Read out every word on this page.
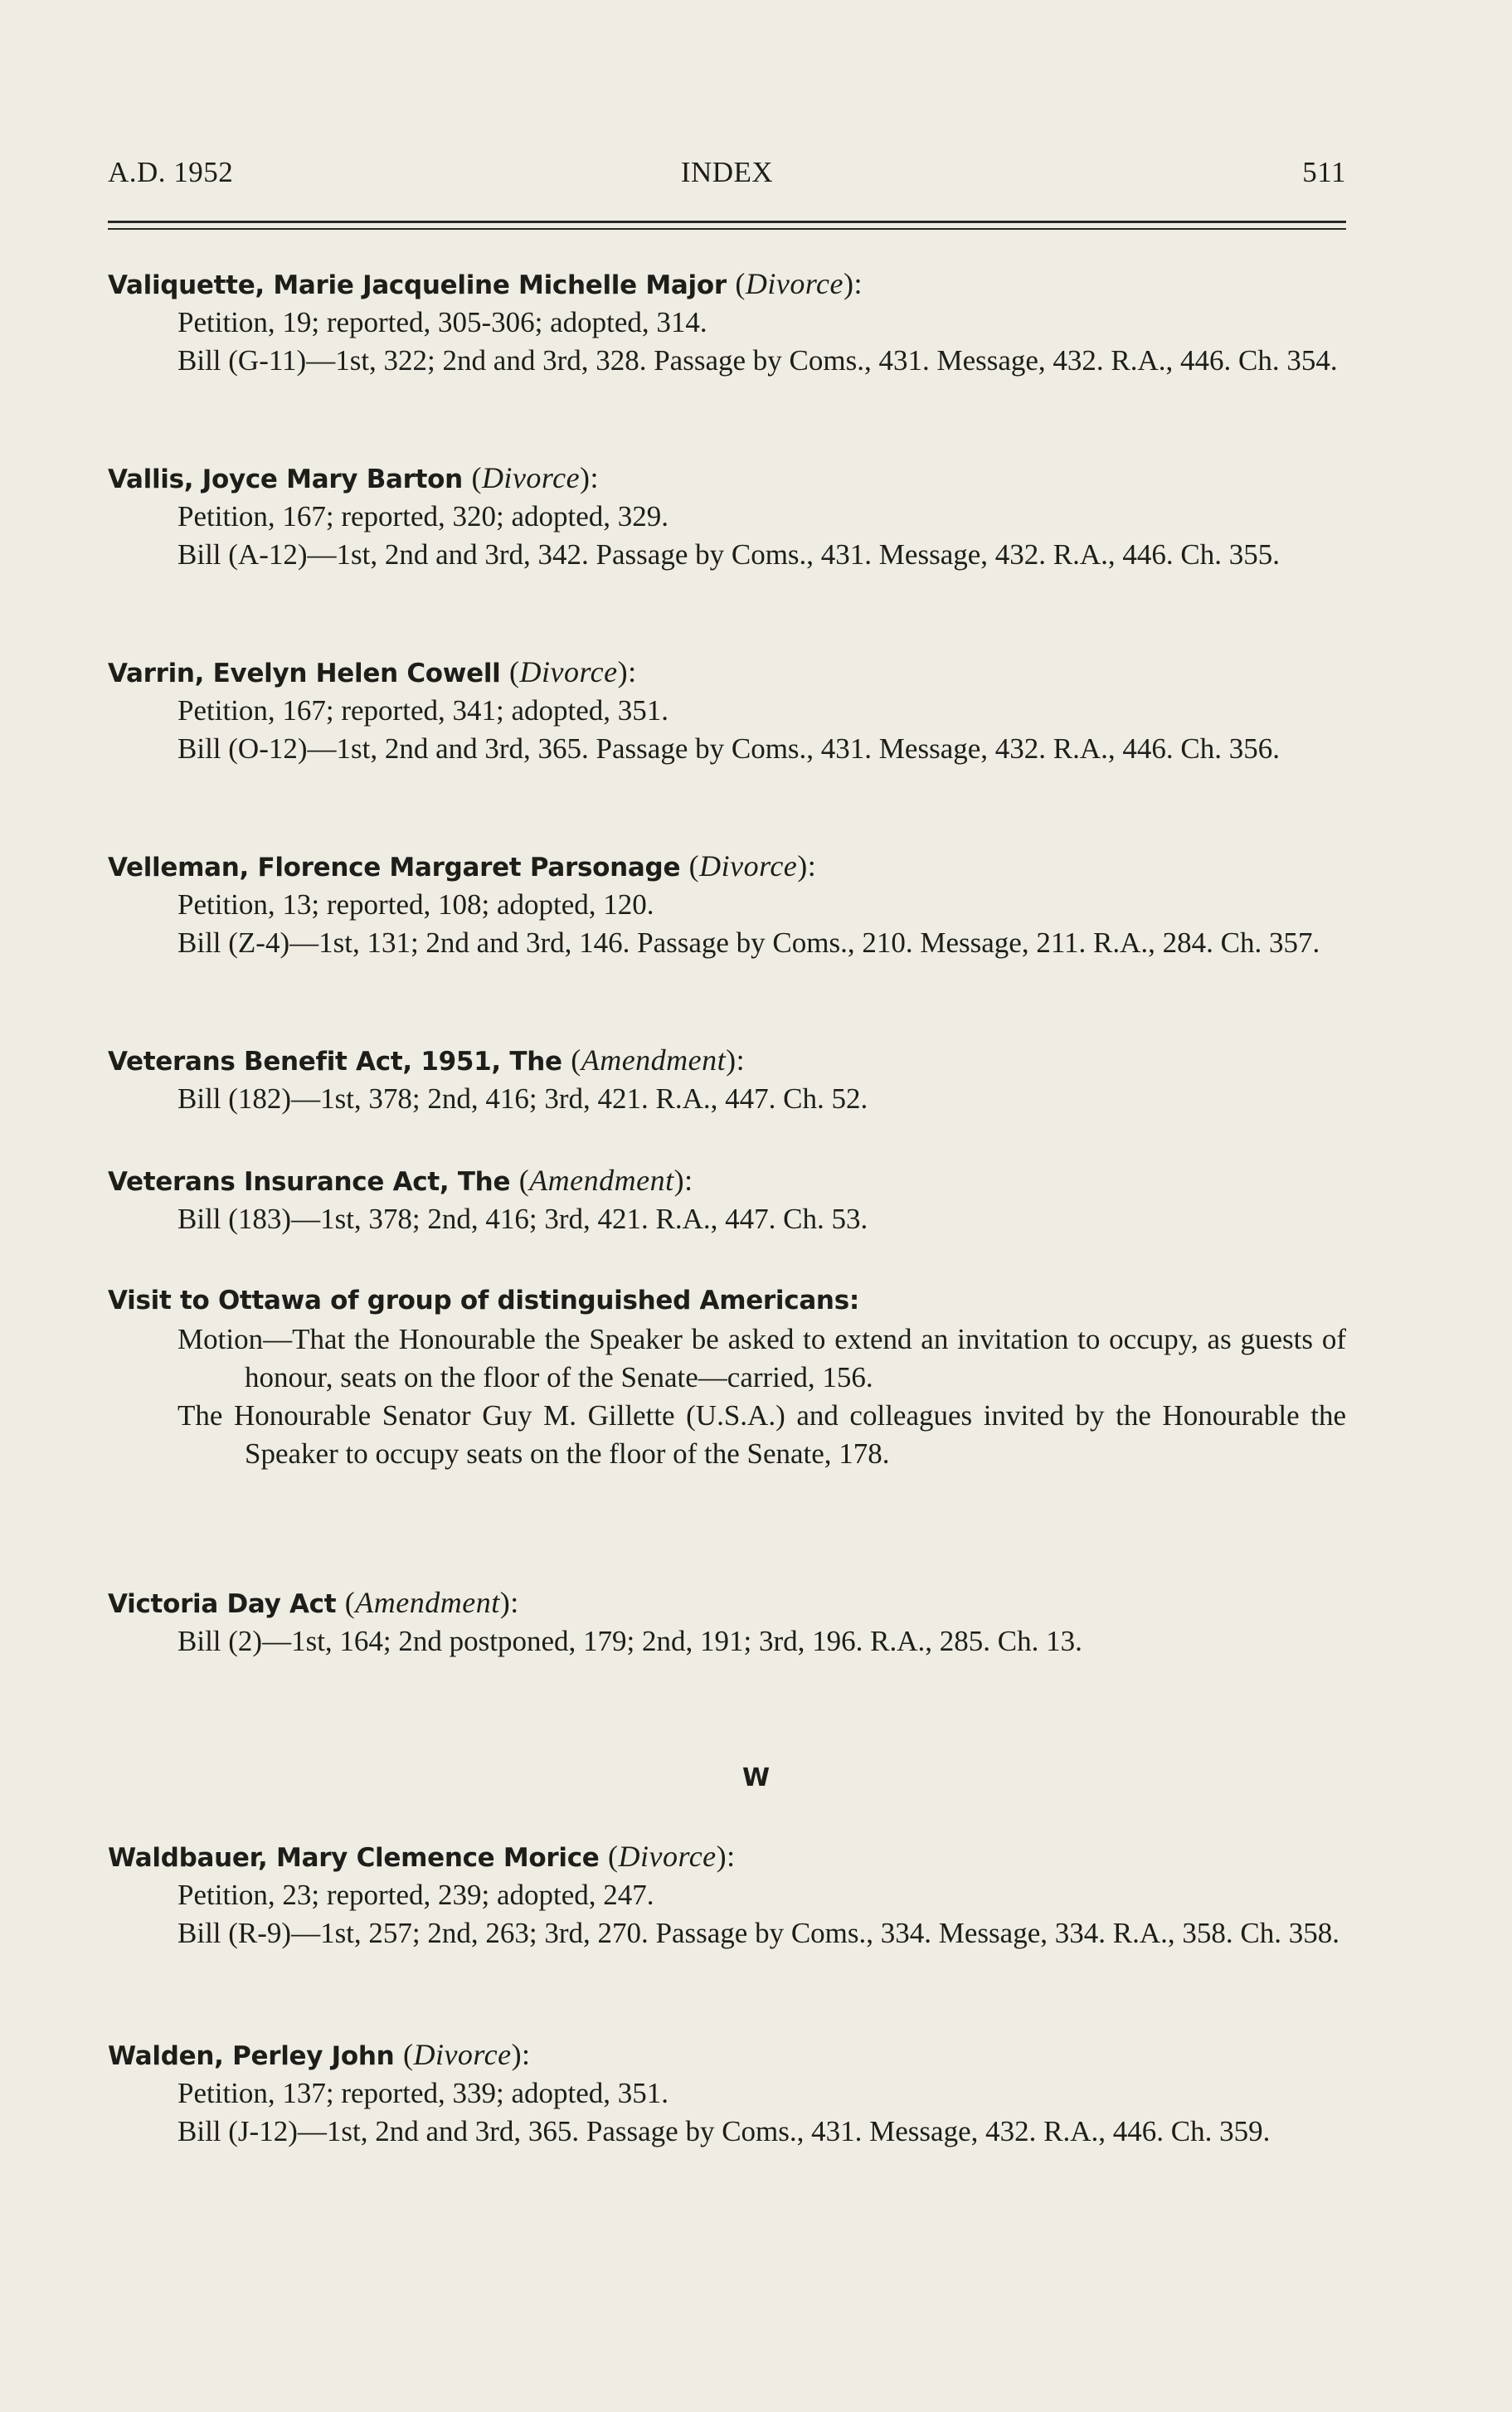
A.D. 1952	INDEX	511
Valiquette, Marie Jacqueline Michelle Major (Divorce):
Petition, 19; reported, 305-306; adopted, 314.
Bill (G-11)—1st, 322; 2nd and 3rd, 328. Passage by Coms., 431. Message, 432. R.A., 446. Ch. 354.
Vallis, Joyce Mary Barton (Divorce):
Petition, 167; reported, 320; adopted, 329.
Bill (A-12)—1st, 2nd and 3rd, 342. Passage by Coms., 431. Message, 432. R.A., 446. Ch. 355.
Varrin, Evelyn Helen Cowell (Divorce):
Petition, 167; reported, 341; adopted, 351.
Bill (O-12)—1st, 2nd and 3rd, 365. Passage by Coms., 431. Message, 432. R.A., 446. Ch. 356.
Velleman, Florence Margaret Parsonage (Divorce):
Petition, 13; reported, 108; adopted, 120.
Bill (Z-4)—1st, 131; 2nd and 3rd, 146. Passage by Coms., 210. Message, 211. R.A., 284. Ch. 357.
Veterans Benefit Act, 1951, The (Amendment):
Bill (182)—1st, 378; 2nd, 416; 3rd, 421. R.A., 447. Ch. 52.
Veterans Insurance Act, The (Amendment):
Bill (183)—1st, 378; 2nd, 416; 3rd, 421. R.A., 447. Ch. 53.
Visit to Ottawa of group of distinguished Americans:
Motion—That the Honourable the Speaker be asked to extend an invitation to occupy, as guests of honour, seats on the floor of the Senate—carried, 156.
The Honourable Senator Guy M. Gillette (U.S.A.) and colleagues invited by the Honourable the Speaker to occupy seats on the floor of the Senate, 178.
Victoria Day Act (Amendment):
Bill (2)—1st, 164; 2nd postponed, 179; 2nd, 191; 3rd, 196. R.A., 285. Ch. 13.
W
Waldbauer, Mary Clemence Morice (Divorce):
Petition, 23; reported, 239; adopted, 247.
Bill (R-9)—1st, 257; 2nd, 263; 3rd, 270. Passage by Coms., 334. Message, 334. R.A., 358. Ch. 358.
Walden, Perley John (Divorce):
Petition, 137; reported, 339; adopted, 351.
Bill (J-12)—1st, 2nd and 3rd, 365. Passage by Coms., 431. Message, 432. R.A., 446. Ch. 359.
